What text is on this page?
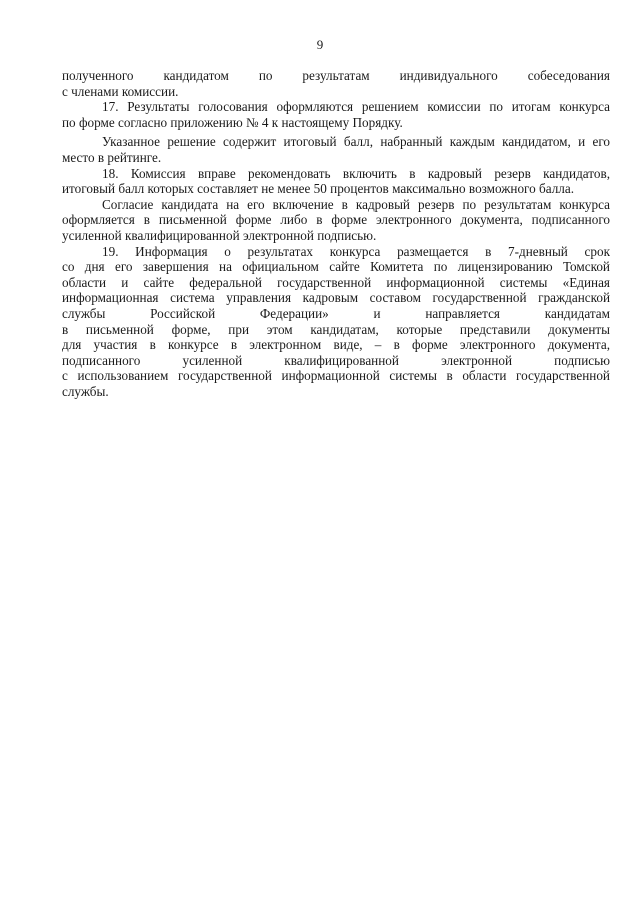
9
полученного кандидатом по результатам индивидуального собеседования
с членами комиссии.
17. Результаты голосования оформляются решением комиссии по итогам конкурса
по форме согласно приложению № 4 к настоящему Порядку.
Указанное решение содержит итоговый балл, набранный каждым кандидатом, и его
место в рейтинге.
18. Комиссия вправе рекомендовать включить в кадровый резерв кандидатов,
итоговый балл которых составляет не менее 50 процентов максимально возможного балла.
Согласие кандидата на его включение в кадровый резерв по результатам конкурса
оформляется в письменной форме либо в форме электронного документа, подписанного
усиленной квалифицированной электронной подписью.
19. Информация о результатах конкурса размещается в 7-дневный срок
со дня его завершения на официальном сайте Комитета по лицензированию Томской
области и сайте федеральной государственной информационной системы «Единая
информационная система управления кадровым составом государственной гражданской
службы Российской Федерации» и направляется кандидатам
в письменной форме, при этом кандидатам, которые представили документы
для участия в конкурсе в электронном виде, – в форме электронного документа,
подписанного усиленной квалифицированной электронной подписью
с использованием государственной информационной системы в области государственной
службы.
